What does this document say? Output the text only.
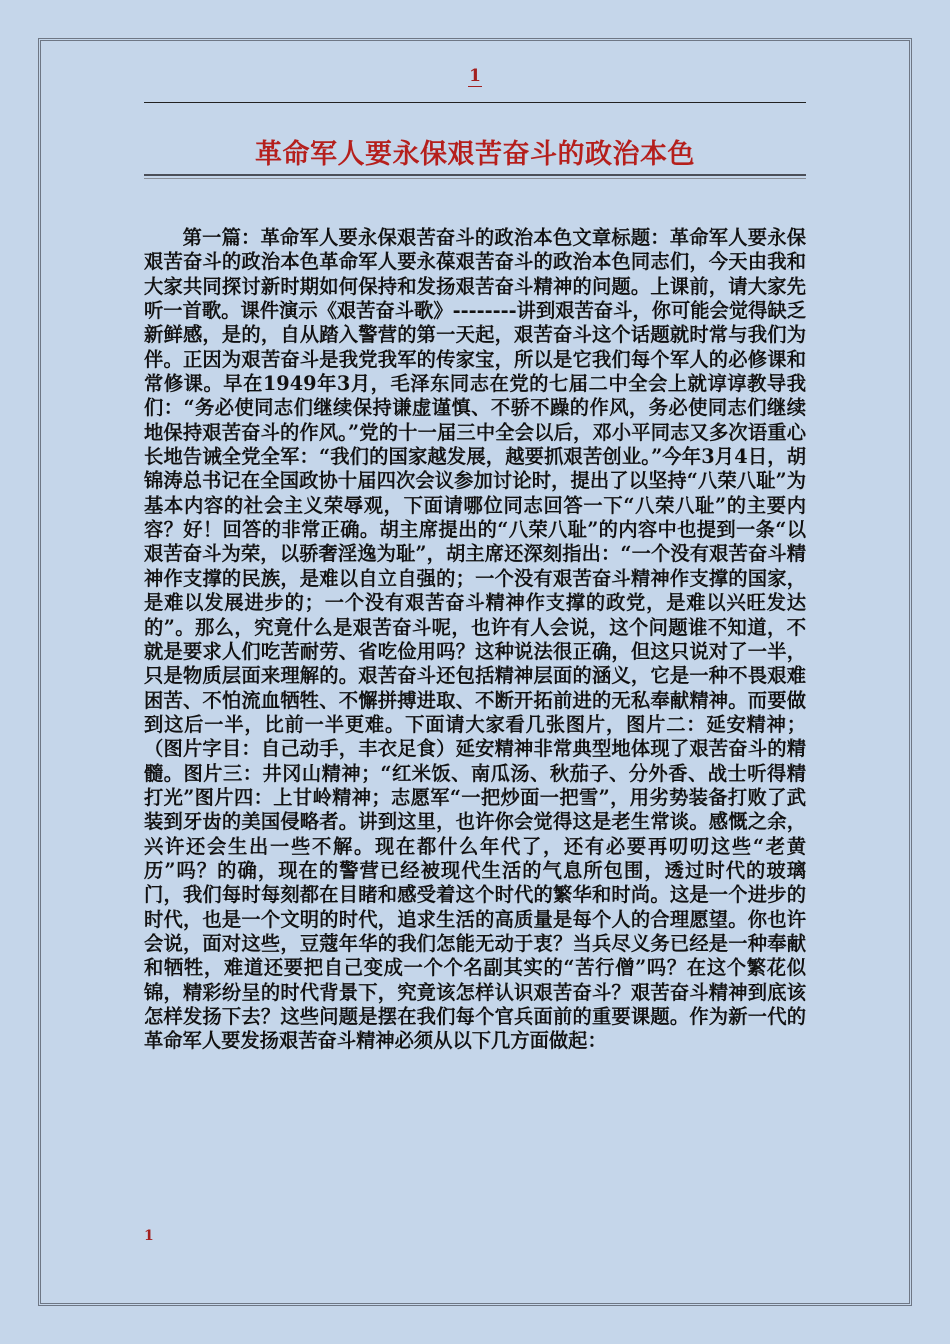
1
革命军人要永保艰苦奋斗的政治本色

第一篇：革命军人要永保艰苦奋斗的政治本色文章标题：革命军人要永保艰苦奋斗的政治本色革命军人要永葆艰苦奋斗的政治本色同志们，今天由我和大家共同探讨新时期如何保持和发扬艰苦奋斗精神的问题。上课前，请大家先听一首歌。课件演示《艰苦奋斗歌》--------讲到艰苦奋斗，你可能会觉得缺乏新鲜感，是的，自从踏入警营的第一天起，艰苦奋斗这个话题就时常与我们为伴。正因为艰苦奋斗是我党我军的传家宝，所以是它我们每个军人的必修课和常修课。早在1949年3月，毛泽东同志在党的七届二中全会上就谆谆教导我们：“务必使同志们继续保持谦虚谨慎、不骄不躁的作风，务必使同志们继续地保持艰苦奋斗的作风。”党的十一届三中全会以后，邓小平同志又多次语重心长地告诫全党全军：“我们的国家越发展，越要抓艰苦创业。”今年3月4日，胡锦涛总书记在全国政协十届四次会议参加讨论时，提出了以坚持“八荣八耻”为基本内容的社会主义荣辱观，下面请哪位同志回答一下“八荣八耻”的主要内容？好！回答的非常正确。胡主席提出的“八荣八耻”的内容中也提到一条“以艰苦奋斗为荣，以骄奢淫逸为耻”，胡主席还深刻指出：“一个没有艰苦奋斗精神作支撑的民族，是难以自立自强的；一个没有艰苦奋斗精神作支撑的国家，是难以发展进步的；一个没有艰苦奋斗精神作支撑的政党，是难以兴旺发达的”。那么，究竟什么是艰苦奋斗呢，也许有人会说，这个问题谁不知道，不就是要求人们吃苦耐劳、省吃俭用吗？这种说法很正确，但这只说对了一半，只是物质层面来理解的。艰苦奋斗还包括精神层面的涵义，它是一种不畏艰难困苦、不怕流血牺牲、不懈拼搏进取、不断开拓前进的无私奉献精神。而要做到这后一半，比前一半更难。下面请大家看几张图片，图片二：延安精神；（图片字目：自己动手，丰衣足食）延安精神非常典型地体现了艰苦奋斗的精髓。图片三：井冈山精神；“红米饭、南瓜汤、秋茄子、分外香、战士听得精打光”图片四：上甘岭精神；志愿军“一把炒面一把雪”，用劣势装备打败了武装到牙齿的美国侵略者。讲到这里，也许你会觉得这是老生常谈。感慨之余，兴许还会生出一些不解。现在都什么年代了，还有必要再叨叨这些“老黄历”吗？的确，现在的警营已经被现代生活的气息所包围，透过时代的玻璃门，我们每时每刻都在目睹和感受着这个时代的繁华和时尚。这是一个进步的时代，也是一个文明的时代，追求生活的高质量是每个人的合理愿望。你也许会说，面对这些，豆蔻年华的我们怎能无动于衷？当兵尽义务已经是一种奉献和牺牲，难道还要把自己变成一个个名副其实的“苦行僧”吗？在这个繁花似锦，精彩纷呈的时代背景下，究竟该怎样认识艰苦奋斗？艰苦奋斗精神到底该怎样发扬下去？这些问题是摆在我们每个官兵面前的重要课题。作为新一代的革命军人要发扬艰苦奋斗精神必须从以下几方面做起：

1
